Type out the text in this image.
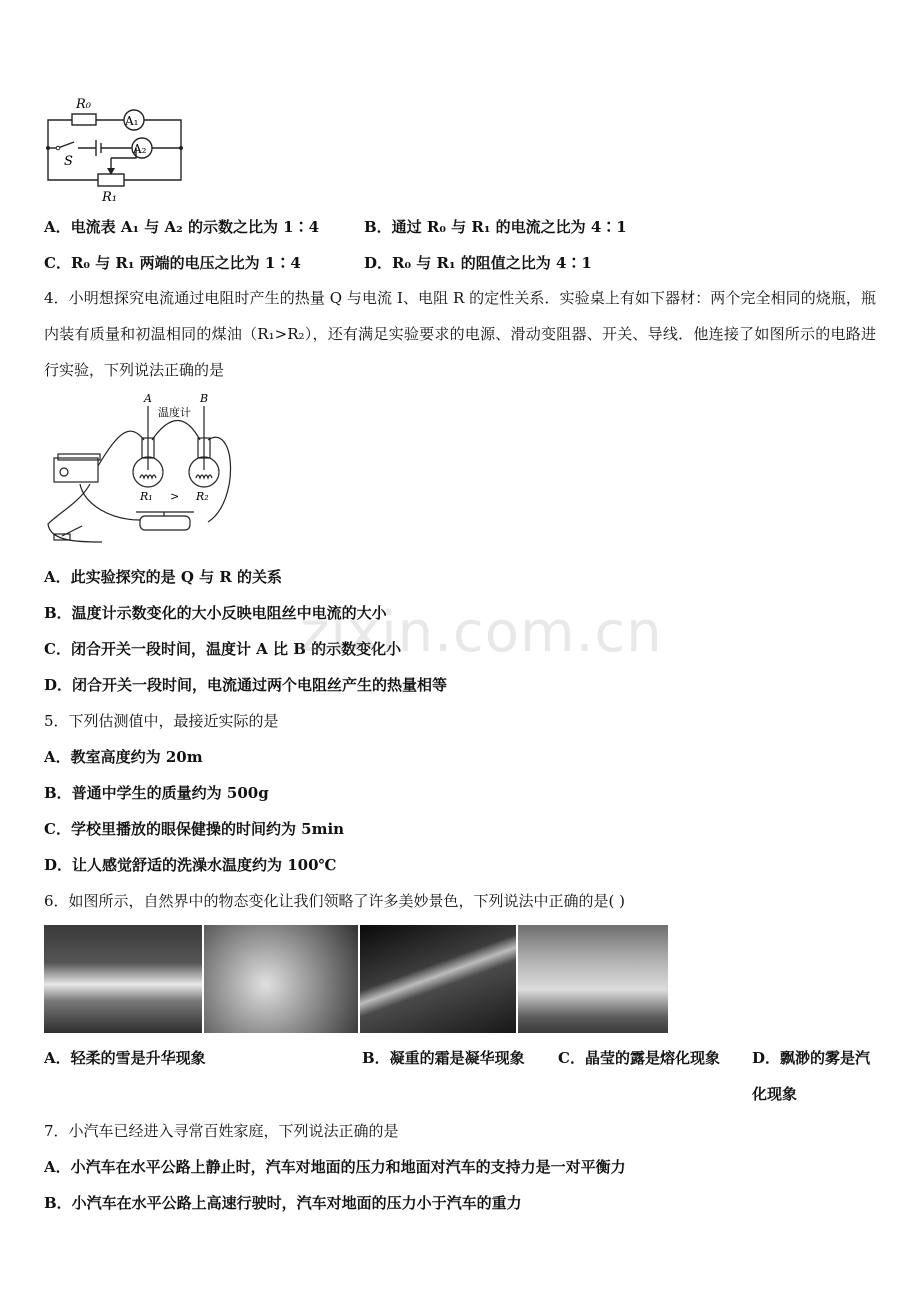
R₀
A₁
A₂
S
R₁
A．电流表 A₁ 与 A₂ 的示数之比为 1∶4	B．通过 R₀ 与 R₁ 的电流之比为 4∶1
C．R₀ 与 R₁ 两端的电压之比为 1∶4	D．R₀ 与 R₁ 的阻值之比为 4∶1
4．小明想探究电流通过电阻时产生的热量 Q 与电流 I、电阻 R 的定性关系．实验桌上有如下器材：两个完全相同的烧瓶，瓶内装有质量和初温相同的煤油（R₁>R₂），还有满足实验要求的电源、滑动变阻器、开关、导线．他连接了如图所示的电路进行实验，下列说法正确的是
A	B
温度计
R₁ > R₂
A．此实验探究的是 Q 与 R 的关系
B．温度计示数变化的大小反映电阻丝中电流的大小
C．闭合开关一段时间，温度计 A 比 B 的示数变化小
D．闭合开关一段时间，电流通过两个电阻丝产生的热量相等
zixin.com.cn
5．下列估测值中，最接近实际的是
A．教室高度约为 20m
B．普通中学生的质量约为 500g
C．学校里播放的眼保健操的时间约为 5min
D．让人感觉舒适的洗澡水温度约为 100℃
6．如图所示，自然界中的物态变化让我们领略了许多美妙景色，下列说法中正确的是( )
A．轻柔的雪是升华现象	B．凝重的霜是凝华现象 C．晶莹的露是熔化现象 D．飘渺的雾是汽化现象
7．小汽车已经进入寻常百姓家庭，下列说法正确的是
A．小汽车在水平公路上静止时，汽车对地面的压力和地面对汽车的支持力是一对平衡力
B．小汽车在水平公路上高速行驶时，汽车对地面的压力小于汽车的重力
